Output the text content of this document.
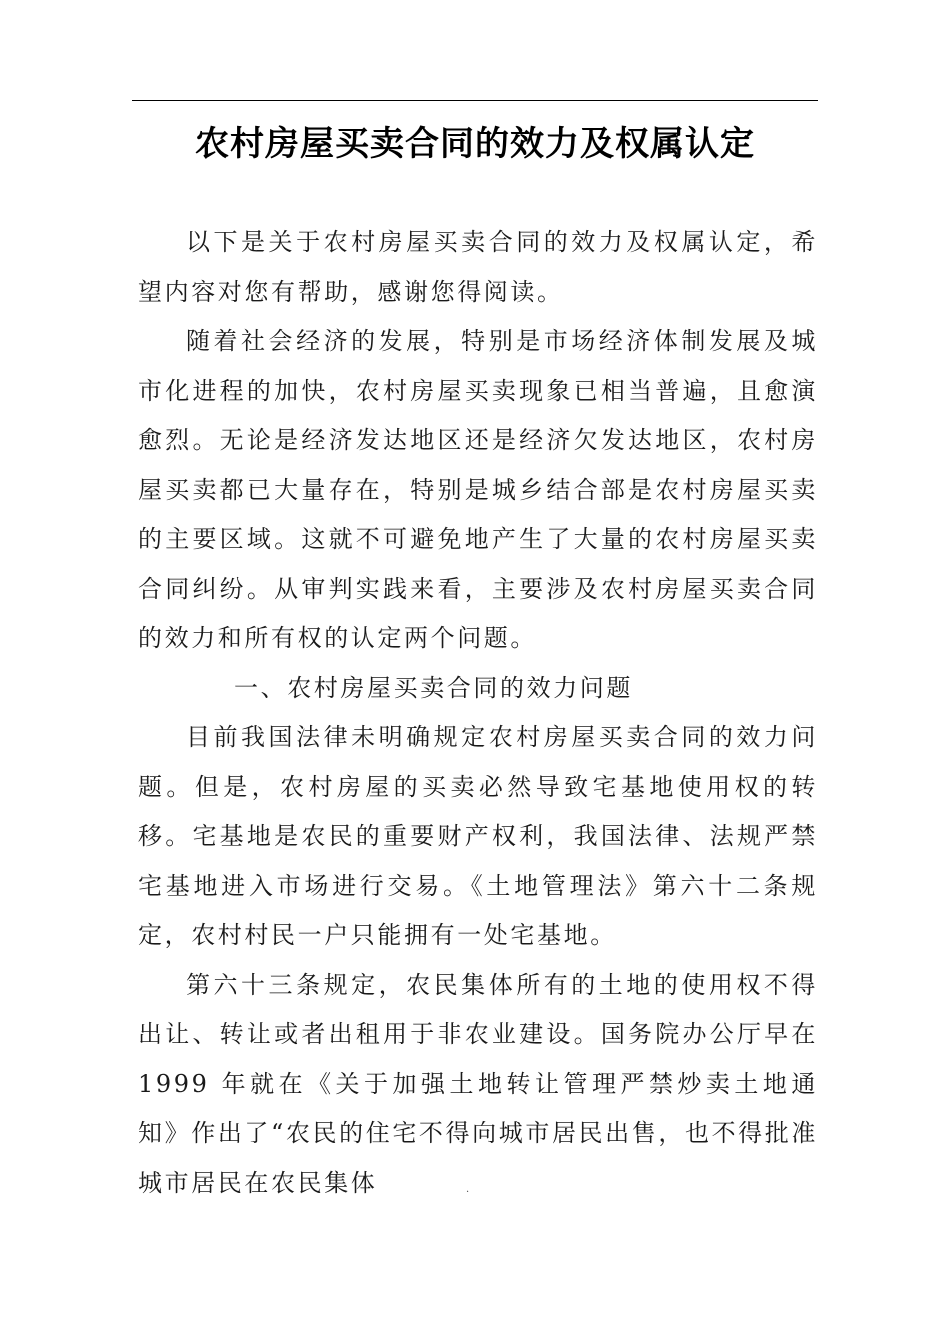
农村房屋买卖合同的效力及权属认定

以下是关于农村房屋买卖合同的效力及权属认定，希望内容对您有帮助，感谢您得阅读。

随着社会经济的发展，特别是市场经济体制发展及城市化进程的加快，农村房屋买卖现象已相当普遍，且愈演愈烈。无论是经济发达地区还是经济欠发达地区，农村房屋买卖都已大量存在，特别是城乡结合部是农村房屋买卖的主要区域。这就不可避免地产生了大量的农村房屋买卖合同纠纷。从审判实践来看，主要涉及农村房屋买卖合同的效力和所有权的认定两个问题。

一、农村房屋买卖合同的效力问题

目前我国法律未明确规定农村房屋买卖合同的效力问题。但是，农村房屋的买卖必然导致宅基地使用权的转移。宅基地是农民的重要财产权利，我国法律、法规严禁宅基地进入市场进行交易。《土地管理法》第六十二条规定，农村村民一户只能拥有一处宅基地。

第六十三条规定，农民集体所有的土地的使用权不得出让、转让或者出租用于非农业建设。国务院办公厅早在 1999 年就在《关于加强土地转让管理严禁炒卖土地通知》作出了“农民的住宅不得向城市居民出售，也不得批准城市居民在农民集体	·
